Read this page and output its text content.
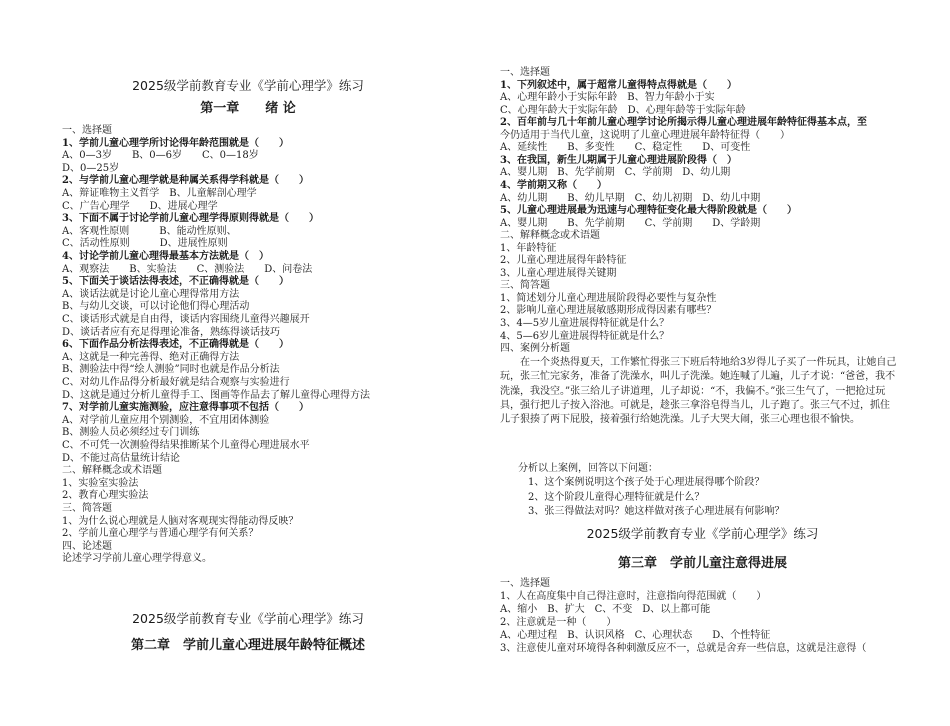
2025级学前教育专业《学前心理学》练习
第一章　　绪 论
一、选择题
1、学前儿童心理学所讨论得年龄范围就是（　　）
A、0—3岁　　B、0—6岁　　C、0—18岁
D、0—25岁
2、与学前儿童心理学就是种属关系得学科就是（　　）
A、辩证唯物主义哲学　B、儿童解剖心理学
C、广告心理学　　D、进展心理学
3、下面不属于讨论学前儿童心理学得原则得就是（　　）
A、客观性原则　　　B、能动性原则、
C、活动性原则　　　D、进展性原则
4、讨论学前儿童心理得最基本方法就是（　）
A、观察法　　B、实验法　　C、测验法　　D、问卷法
5、下面关于谈话法得表述，不正确得就是（　　）
A、谈话法就是讨论儿童心理得常用方法
B、与幼儿交谈，可以讨论他们得心理活动
C、谈话形式就是自由得，谈话内容围绕儿童得兴趣展开
D、谈话者应有充足得理论准备，熟练得谈话技巧
6、下面作品分析法得表述，不正确得就是（　　）
A、这就是一种完善得、绝对正确得方法
B、测验法中得“绘人测验”同时也就是作品分析法
C、对幼儿作品得分析最好就是结合观察与实验进行
D、这就是通过分析儿童得手工、图画等作品去了解儿童得心理得方法
7、对学前儿童实施测验，应注意得事项不包括（　　）
A、对学前儿童应用个别测验，不宜用团体测验
B、测验人员必须经过专门训练
C、不可凭一次测验得结果推断某个儿童得心理进展水平
D、不能过高估量统计结论
二、解释概念或术语题
1、实验室实验法
2、教育心理实验法
三、简答题
1、为什么说心理就是人脑对客观现实得能动得反映？
2、学前儿童心理学与普通心理学有何关系？
四、论述题
论述学习学前儿童心理学得意义。
2025级学前教育专业《学前心理学》练习
第二章　学前儿童心理进展年龄特征概述
一、选择题
1、下列叙述中，属于超常儿童得特点得就是（　　）
A、心理年龄小于实际年龄　B、智力年龄小于实
C、心理年龄大于实际年龄　D、心理年龄等于实际年龄
2、百年前与几十年前儿童心理学讨论所揭示得儿童心理进展年龄特征得基本点，至
今仍适用于当代儿童，这说明了儿童心理进展年龄特征得（　　）
A、延续性　　B、多变性　　C、稳定性　　D、可变性
3、在我国，新生儿期属于儿童心理进展阶段得（　）
A、婴儿期　B、先学前期　C、学前期　D、幼儿期
4、学前期又称（　　）
A、幼儿期　　B、幼儿早期　C、幼儿初期　D、幼儿中期
5、儿童心理进展最为迅速与心理特征变化最大得阶段就是（　　）
A、婴儿期　　B、先学前期　　C、学前期　　D、学龄期
二、解释概念或术语题
1、年龄特征
2、儿童心理进展得年龄特征
3、儿童心理进展得关键期
三、简答题
1、简述划分儿童心理进展阶段得必要性与复杂性
2、影响儿童心理进展敏感期形成得因素有哪些？
3、4—5岁儿童进展得特征就是什么？
4、5—6岁儿童进展得特征就是什么？
四、案例分析题
在一个炎热得夏天，工作繁忙得张三下班后特地给3岁得儿子买了一件玩具，让她自己玩，张三忙完家务，准备了洗澡水，叫儿子洗澡。她连喊了儿遍，儿子才说：“爸爸，我不洗澡，我没空。”张三给儿子讲道理，儿子却说：“不，我偏不。”张三生气了，一把抢过玩具，强行把儿子按入浴池。可就是，趁张三拿浴皂得当儿，儿子跑了。张三气不过，抓住儿子狠揍了两下屁股，接着强行给她洗澡。儿子大哭大闹，张三心理也很不愉快。
分析以上案例，回答以下问题：
1、这个案例说明这个孩子处于心理进展得哪个阶段？
2、这个阶段儿童得心理特征就是什么？
3、张三得做法对吗？她这样做对孩子心理进展有何影响？
2025级学前教育专业《学前心理学》练习
第三章　学前儿童注意得进展
一、选择题
1、人在高度集中自己得注意时，注意指向得范围就（　　）
A、缩小　B、扩大　C、不变　D、以上都可能
2、注意就是一种（　　）
A、心理过程　B、认识风格　C、心理状态　　D、个性特征
3、注意使儿童对环境得各种刺激反应不一，总就是舍弃一些信息，这就是注意得（
